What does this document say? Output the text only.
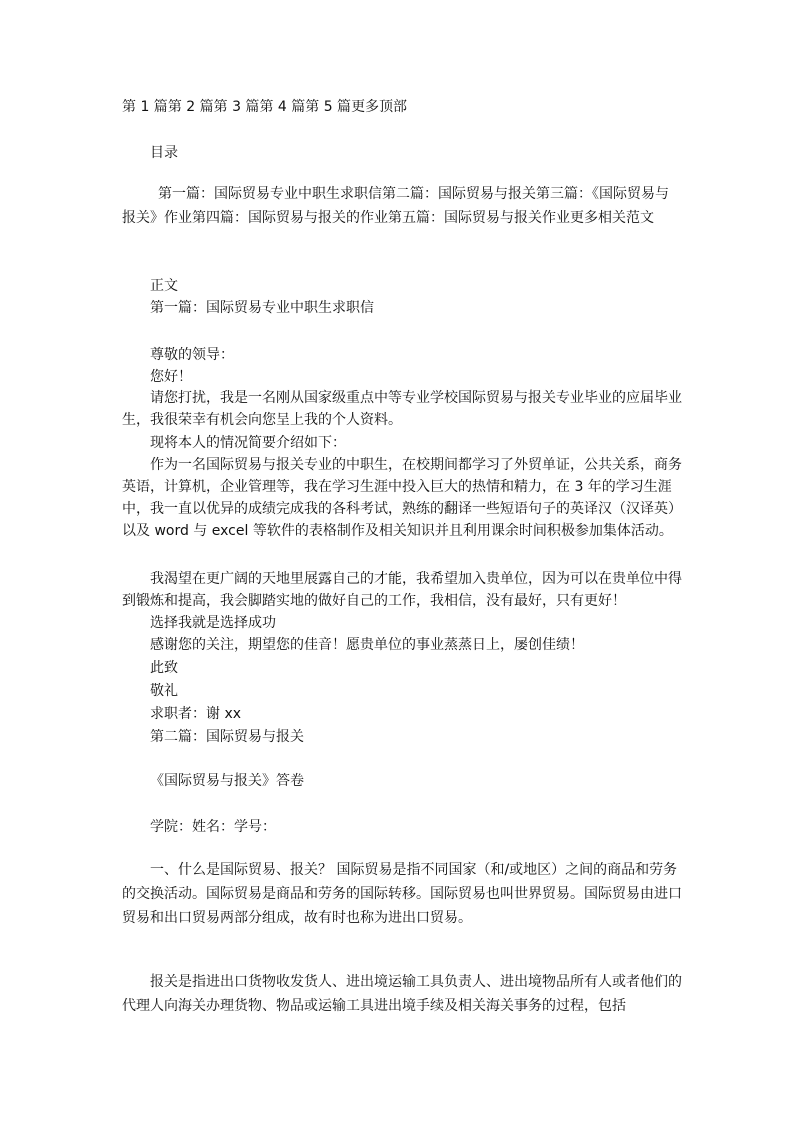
第 1 篇第 2 篇第 3 篇第 4 篇第 5 篇更多顶部
目录
第一篇：国际贸易专业中职生求职信第二篇：国际贸易与报关第三篇：《国际贸易与报关》作业第四篇：国际贸易与报关的作业第五篇：国际贸易与报关作业更多相关范文
正文
第一篇：国际贸易专业中职生求职信
尊敬的领导：
您好！
请您打扰，我是一名刚从国家级重点中等专业学校国际贸易与报关专业毕业的应届毕业生，我很荣幸有机会向您呈上我的个人资料。
现将本人的情况简要介绍如下：
作为一名国际贸易与报关专业的中职生，在校期间都学习了外贸单证，公共关系，商务英语，计算机，企业管理等，我在学习生涯中投入巨大的热情和精力，在 3 年的学习生涯中，我一直以优异的成绩完成我的各科考试，熟练的翻译一些短语句子的英译汉（汉译英）以及 word 与 excel 等软件的表格制作及相关知识并且利用课余时间积极参加集体活动。
我渴望在更广阔的天地里展露自己的才能，我希望加入贵单位，因为可以在贵单位中得到锻炼和提高，我会脚踏实地的做好自己的工作，我相信，没有最好，只有更好！
选择我就是选择成功
感谢您的关注，期望您的佳音！愿贵单位的事业蒸蒸日上，屡创佳绩！
此致
敬礼
求职者：谢 xx
第二篇：国际贸易与报关
《国际贸易与报关》答卷
学院：姓名：学号：
一、什么是国际贸易、报关？ 国际贸易是指不同国家（和/或地区）之间的商品和劳务的交换活动。国际贸易是商品和劳务的国际转移。国际贸易也叫世界贸易。国际贸易由进口贸易和出口贸易两部分组成，故有时也称为进出口贸易。
报关是指进出口货物收发货人、进出境运输工具负责人、进出境物品所有人或者他们的代理人向海关办理货物、物品或运输工具进出境手续及相关海关事务的过程，包括
